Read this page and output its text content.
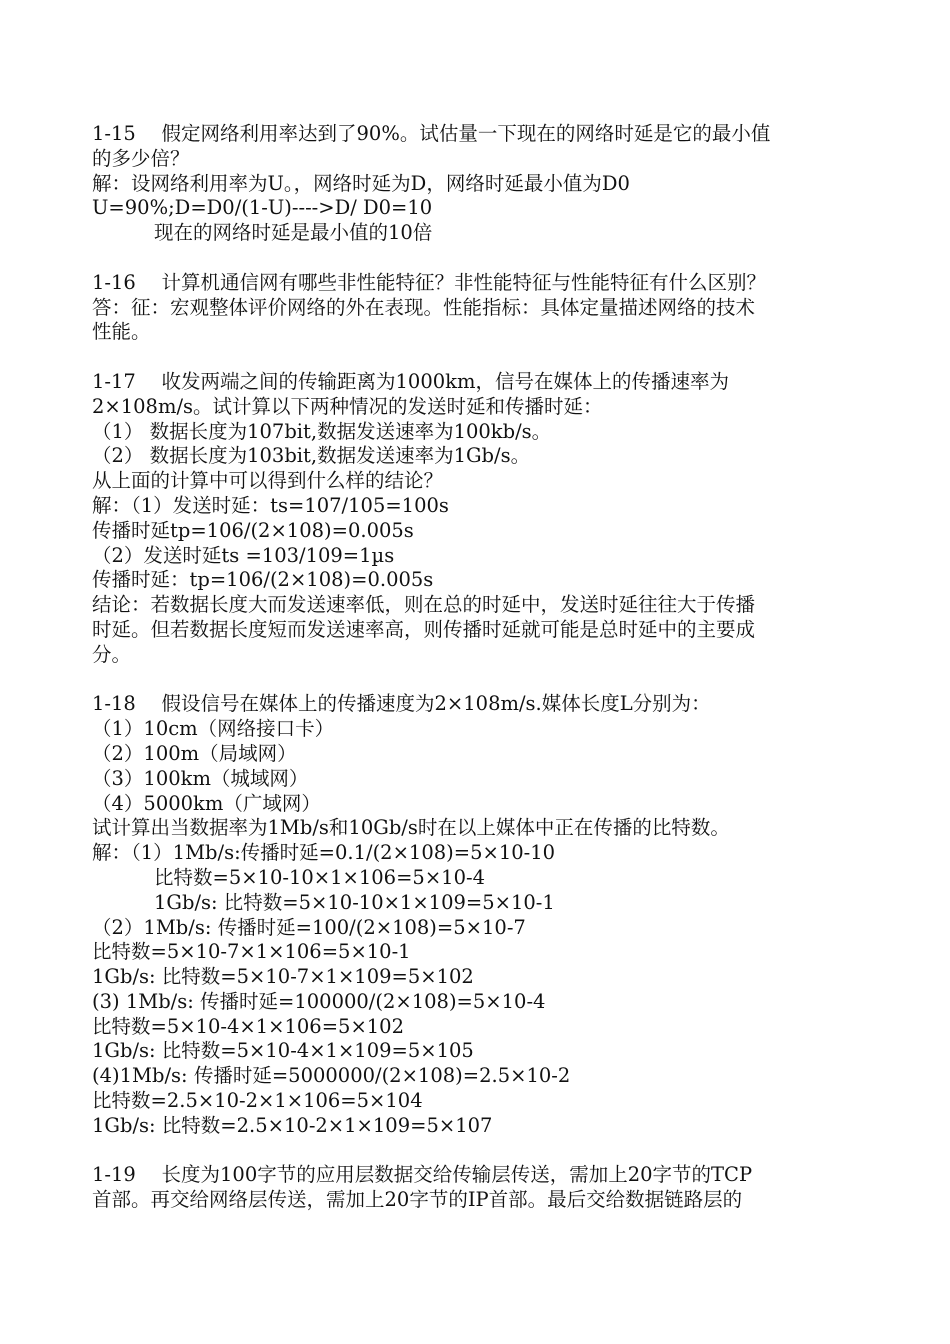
1-15　 假定网络利用率达到了90%。试估量一下现在的网络时延是它的最小值
的多少倍？
解：设网络利用率为U。，网络时延为D，网络时延最小值为D0
U=90%;D=D0/(1-U)---->D/ D0=10
现在的网络时延是最小值的10倍
1-16　 计算机通信网有哪些非性能特征？非性能特征与性能特征有什么区别？
答：征：宏观整体评价网络的外在表现。性能指标：具体定量描述网络的技术
性能。
1-17　 收发两端之间的传输距离为1000km，信号在媒体上的传播速率为
2×108m/s。试计算以下两种情况的发送时延和传播时延：
（1） 数据长度为107bit,数据发送速率为100kb/s。
（2） 数据长度为103bit,数据发送速率为1Gb/s。
从上面的计算中可以得到什么样的结论？
解：（1）发送时延：ts=107/105=100s
传播时延tp=106/(2×108)=0.005s
（2）发送时延ts =103/109=1µs
传播时延：tp=106/(2×108)=0.005s
结论：若数据长度大而发送速率低，则在总的时延中，发送时延往往大于传播
时延。但若数据长度短而发送速率高，则传播时延就可能是总时延中的主要成
分。
1-18　 假设信号在媒体上的传播速度为2×108m/s.媒体长度L分别为：
（1）10cm（网络接口卡）
（2）100m（局域网）
（3）100km（城域网）
（4）5000km（广域网）
试计算出当数据率为1Mb/s和10Gb/s时在以上媒体中正在传播的比特数。
解：（1）1Mb/s:传播时延=0.1/(2×108)=5×10-10
比特数=5×10-10×1×106=5×10-4
1Gb/s: 比特数=5×10-10×1×109=5×10-1
（2）1Mb/s: 传播时延=100/(2×108)=5×10-7
比特数=5×10-7×1×106=5×10-1
1Gb/s: 比特数=5×10-7×1×109=5×102
(3) 1Mb/s: 传播时延=100000/(2×108)=5×10-4
比特数=5×10-4×1×106=5×102
1Gb/s: 比特数=5×10-4×1×109=5×105
(4)1Mb/s: 传播时延=5000000/(2×108)=2.5×10-2
比特数=2.5×10-2×1×106=5×104
1Gb/s: 比特数=2.5×10-2×1×109=5×107
1-19　 长度为100字节的应用层数据交给传输层传送，需加上20字节的TCP
首部。再交给网络层传送，需加上20字节的IP首部。最后交给数据链路层的
